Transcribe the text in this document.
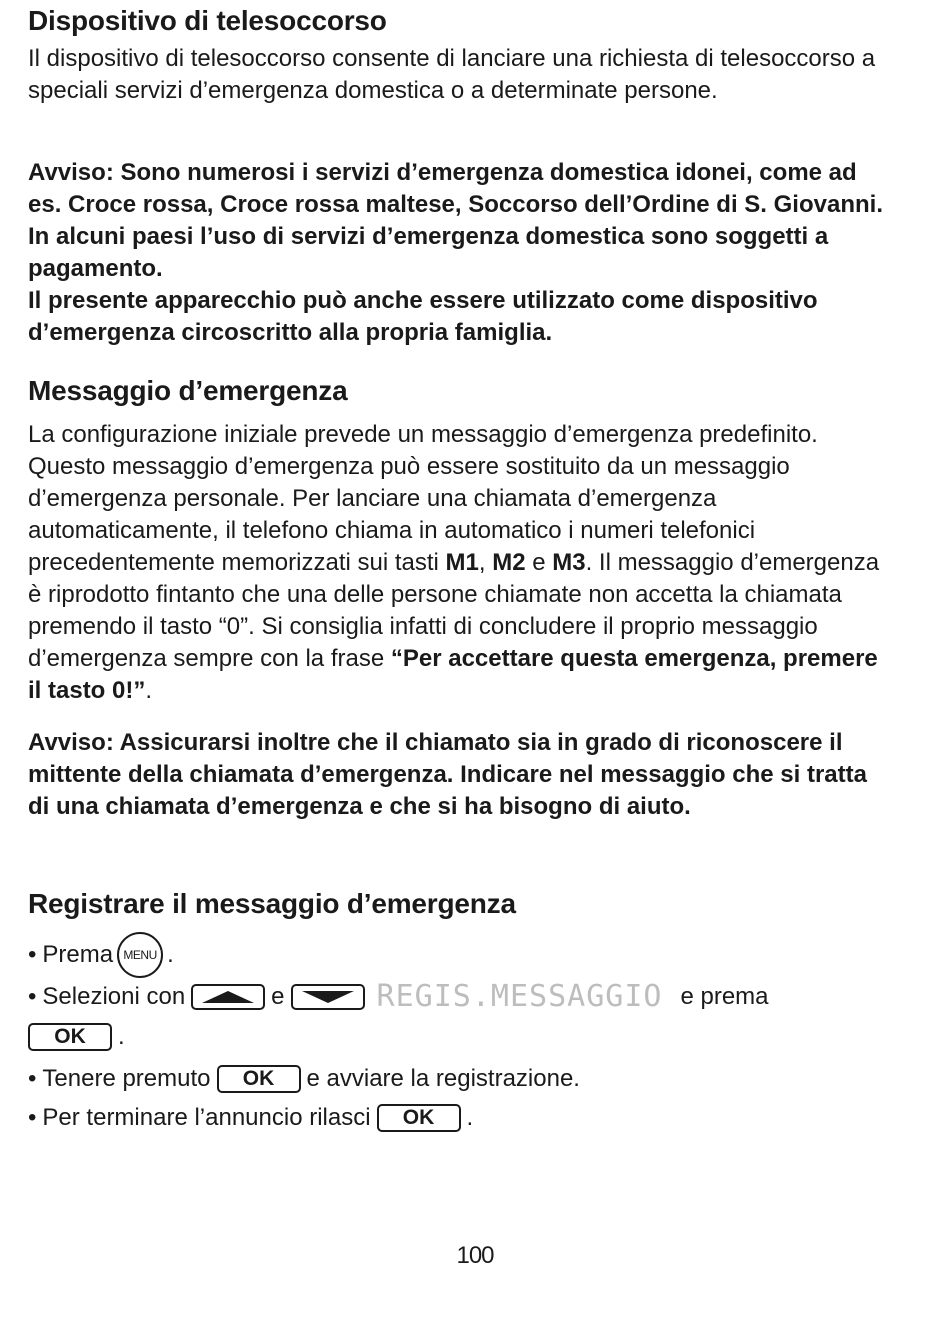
Dispositivo di telesoccorso

Il dispositivo di telesoccorso consente di lanciare una richiesta di telesoccorso a speciali servizi d’emergenza domestica o a determinate persone.

Avviso: Sono numerosi i servizi d’emergenza domestica idonei, come ad es. Croce rossa, Croce rossa maltese, Soccorso dell’Ordine di S. Giovanni. In alcuni paesi l’uso di servizi d’emergenza domestica sono soggetti a pagamento.

Il presente apparecchio può anche essere utilizzato come dispositivo d’emergenza circoscritto alla propria famiglia.

Messaggio d’emergenza

La configurazione iniziale prevede un messaggio d’emergenza predefinito. Questo messaggio d’emergenza può essere sostituito da un messaggio d’emergenza personale. Per lanciare una chiamata d’emergenza automaticamente, il telefono chiama in automatico i numeri telefonici precedentemente memorizzati sui tasti M1, M2 e M3. Il messaggio d’emergenza è riprodotto fintanto che una delle persone chiamate non accetta la chiamata premendo il tasto “0”. Si consiglia infatti di concludere il proprio messaggio d’emergenza sempre con la frase “Per accettare questa emergenza, premere il tasto 0!”.

Avviso: Assicurarsi inoltre che il chiamato sia in grado di riconoscere il mittente della chiamata d’emergenza. Indicare nel messaggio che si tratta di una chiamata d’emergenza e che si ha bisogno di aiuto.

Registrare il messaggio d’emergenza
• Prema MENU .
• Selezioni con	e	REGIS.MESSAGGIO e prema
OK	.
• Tenere premuto	OK	e avviare la registrazione.
• Per terminare l’annuncio rilasci	OK	.
100
